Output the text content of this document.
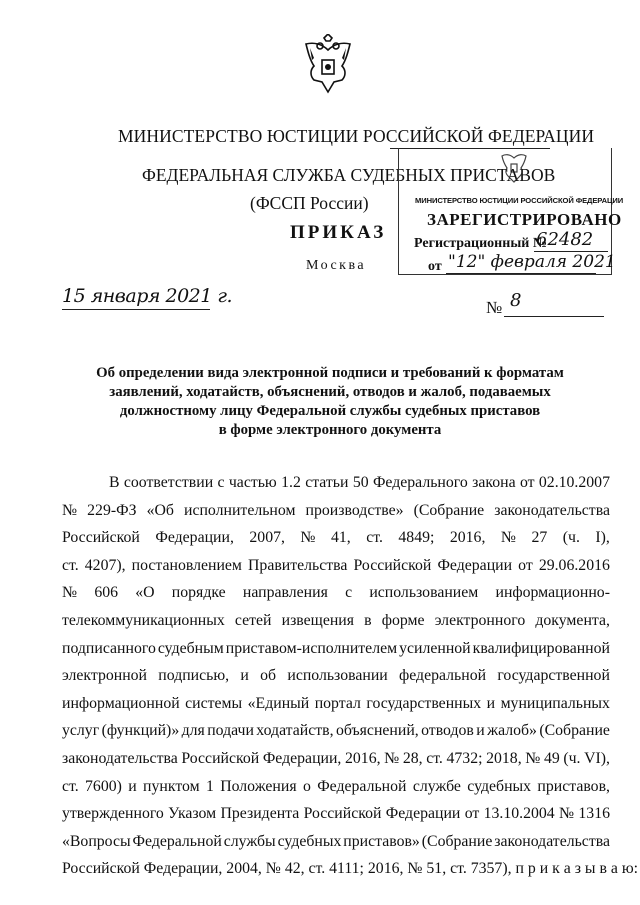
МИНИСТЕРСТВО ЮСТИЦИИ РОССИЙСКОЙ ФЕДЕРАЦИИ
ФЕДЕРАЛЬНАЯ СЛУЖБА СУДЕБНЫХ ПРИСТАВОВ
(ФССП России)
ПРИКАЗ
Москва
МИНИСТЕРСТВО ЮСТИЦИИ РОССИЙСКОЙ ФЕДЕРАЦИИ
ЗАРЕГИСТРИРОВАНО
Регистрационный №
62482
от "12" февраля 2021
15 января 2021 г.
№ 8
Об определении вида электронной подписи и требований к форматам
заявлений, ходатайств, объяснений, отводов и жалоб, подаваемых
должностному лицу Федеральной службы судебных приставов
в форме электронного документа
В соответствии с частью 1.2 статьи 50 Федерального закона от 02.10.2007
№ 229-ФЗ «Об исполнительном производстве» (Собрание законодательства
Российской Федерации, 2007, № 41, ст. 4849; 2016, № 27 (ч. I),
ст. 4207), постановлением Правительства Российской Федерации от 29.06.2016
№ 606 «О порядке направления с использованием информационно-
телекоммуникационных сетей извещения в форме электронного документа,
подписанного судебным приставом-исполнителем усиленной квалифицированной
электронной подписью, и об использовании федеральной государственной
информационной системы «Единый портал государственных и муниципальных
услуг (функций)» для подачи ходатайств, объяснений, отводов и жалоб» (Собрание
законодательства Российской Федерации, 2016, № 28, ст. 4732; 2018, № 49 (ч. VI),
ст. 7600) и пунктом 1 Положения о Федеральной службе судебных приставов,
утвержденного Указом Президента Российской Федерации от 13.10.2004 № 1316
«Вопросы Федеральной службы судебных приставов» (Собрание законодательства
Российской Федерации, 2004, № 42, ст. 4111; 2016, № 51, ст. 7357), п р и к а з ы в а ю:
